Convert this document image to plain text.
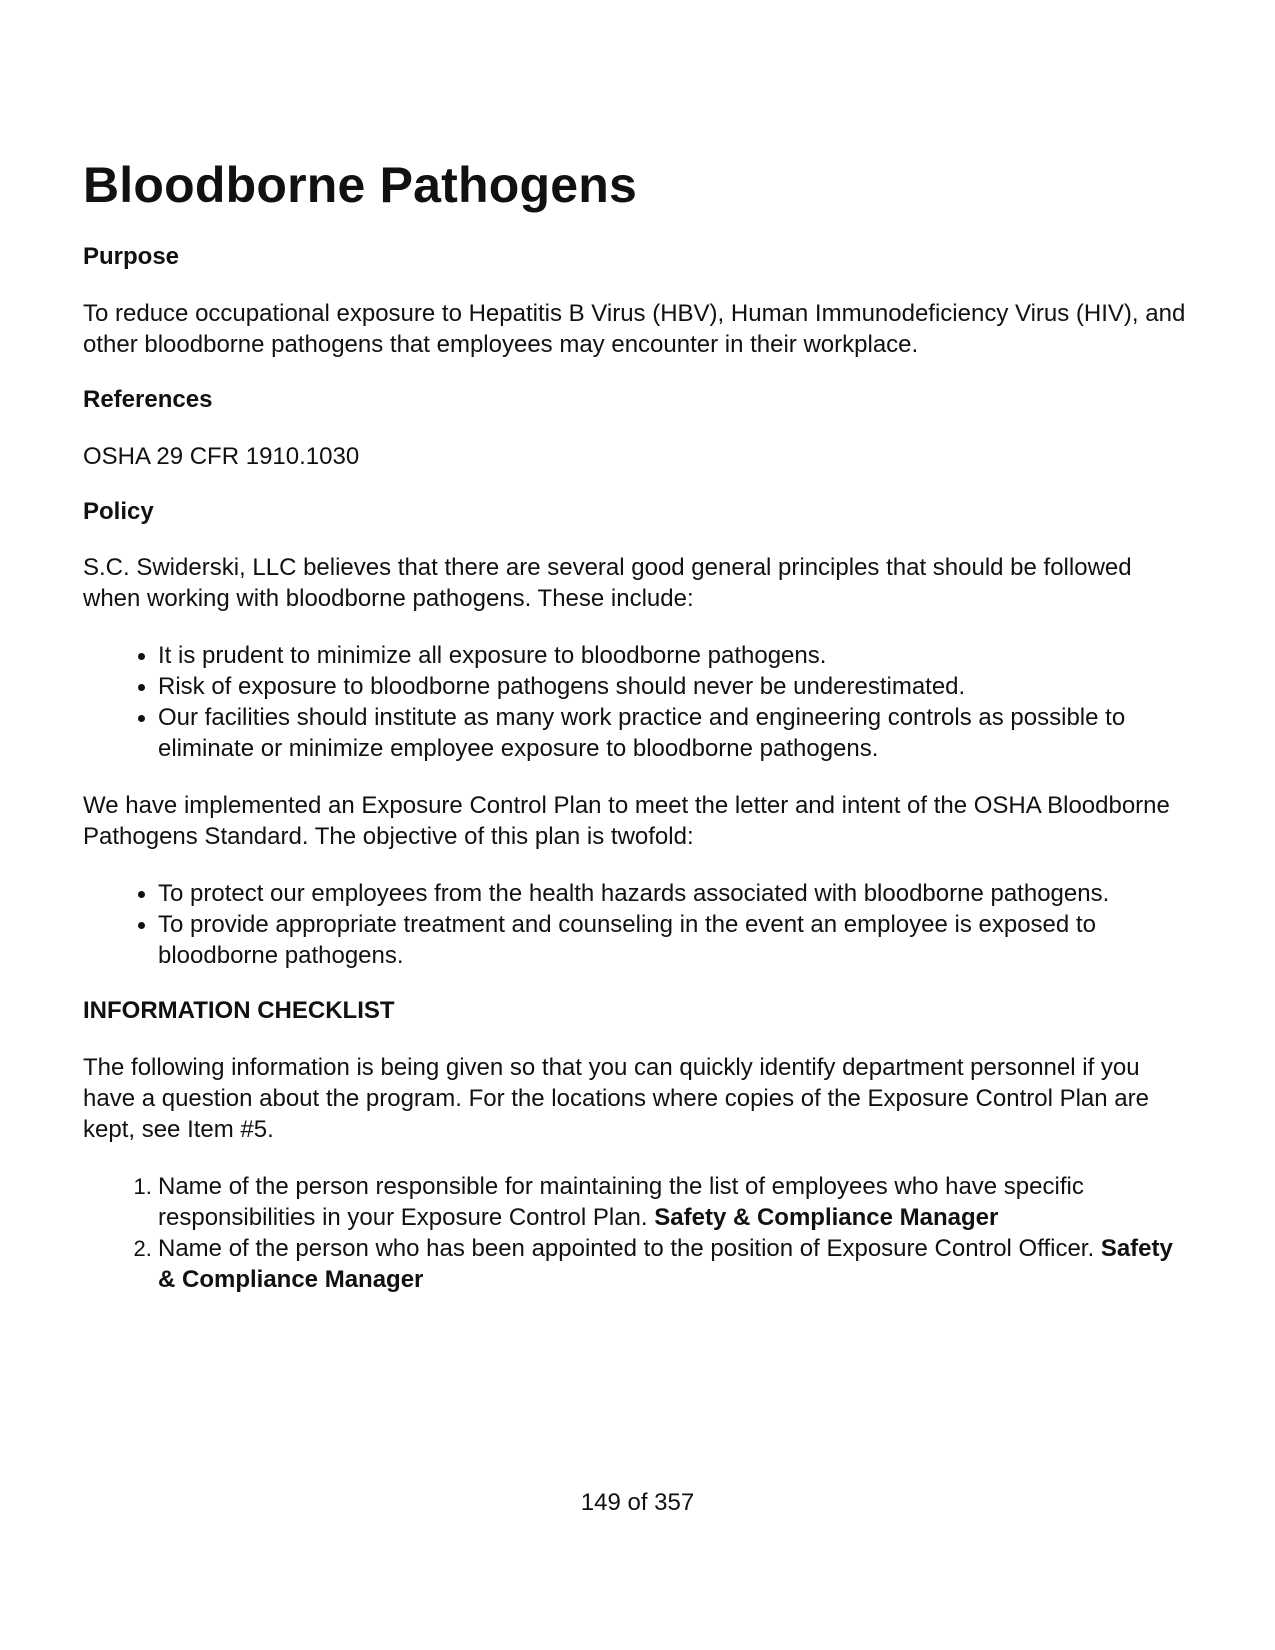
Bloodborne Pathogens
Purpose

To reduce occupational exposure to Hepatitis B Virus (HBV), Human Immunodeficiency Virus (HIV), and other bloodborne pathogens that employees may encounter in their workplace.

References

OSHA 29 CFR 1910.1030

Policy

S.C. Swiderski, LLC believes that there are several good general principles that should be followed when working with bloodborne pathogens. These include:

• It is prudent to minimize all exposure to bloodborne pathogens.
• Risk of exposure to bloodborne pathogens should never be underestimated.
• Our facilities should institute as many work practice and engineering controls as possible to eliminate or minimize employee exposure to bloodborne pathogens.

We have implemented an Exposure Control Plan to meet the letter and intent of the OSHA Bloodborne Pathogens Standard. The objective of this plan is twofold:

• To protect our employees from the health hazards associated with bloodborne pathogens.
• To provide appropriate treatment and counseling in the event an employee is exposed to bloodborne pathogens.
INFORMATION CHECKLIST

The following information is being given so that you can quickly identify department personnel if you have a question about the program. For the locations where copies of the Exposure Control Plan are kept, see Item #5.

1. Name of the person responsible for maintaining the list of employees who have specific responsibilities in your Exposure Control Plan. Safety & Compliance Manager
2. Name of the person who has been appointed to the position of Exposure Control Officer. Safety & Compliance Manager
149 of 357
